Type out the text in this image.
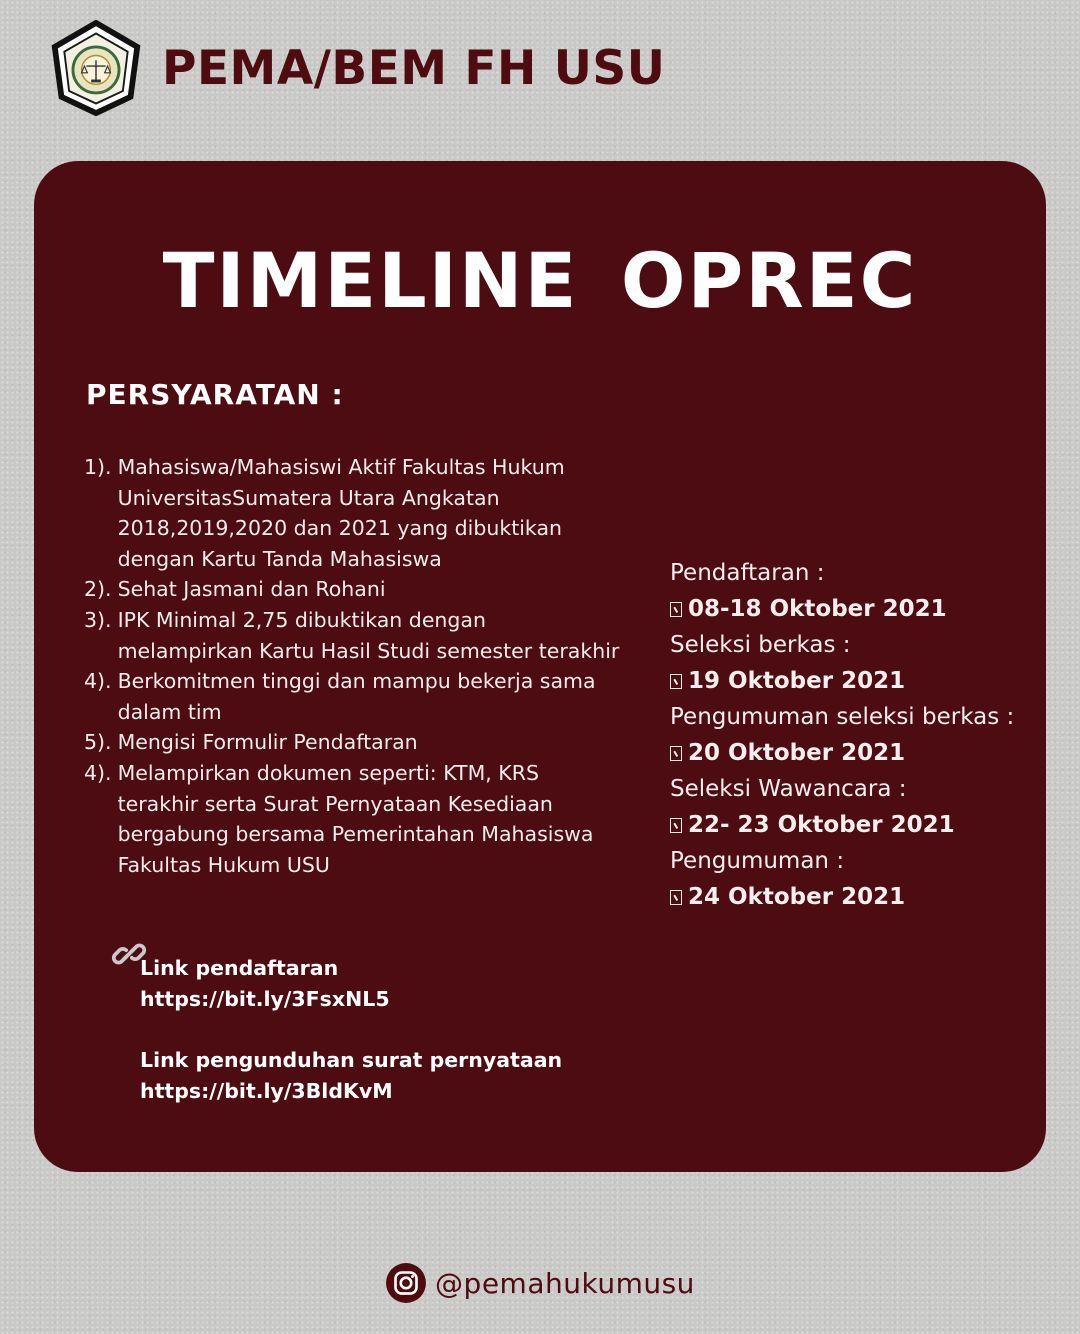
PEMA/BEM FH USU
TIMELINE OPREC
PERSYARATAN :
1). Mahasiswa/Mahasiswi Aktif Fakultas Hukum
UniversitasSumatera Utara Angkatan
2018,2019,2020 dan 2021 yang dibuktikan
dengan Kartu Tanda Mahasiswa
2). Sehat Jasmani dan Rohani
3). IPK Minimal 2,75 dibuktikan dengan
melampirkan Kartu Hasil Studi semester terakhir
4). Berkomitmen tinggi dan mampu bekerja sama
dalam tim
5). Mengisi Formulir Pendaftaran
4). Melampirkan dokumen seperti: KTM, KRS
terakhir serta Surat Pernyataan Kesediaan
bergabung bersama Pemerintahan Mahasiswa
Fakultas Hukum USU
Pendaftaran :
08-18 Oktober 2021
Seleksi berkas :
19 Oktober 2021
Pengumuman seleksi berkas :
20 Oktober 2021
Seleksi Wawancara :
22- 23 Oktober 2021
Pengumuman :
24 Oktober 2021
Link pendaftaran
https://bit.ly/3FsxNL5
Link pengunduhan surat pernyataan
https://bit.ly/3BldKvM
@pemahukumusu
